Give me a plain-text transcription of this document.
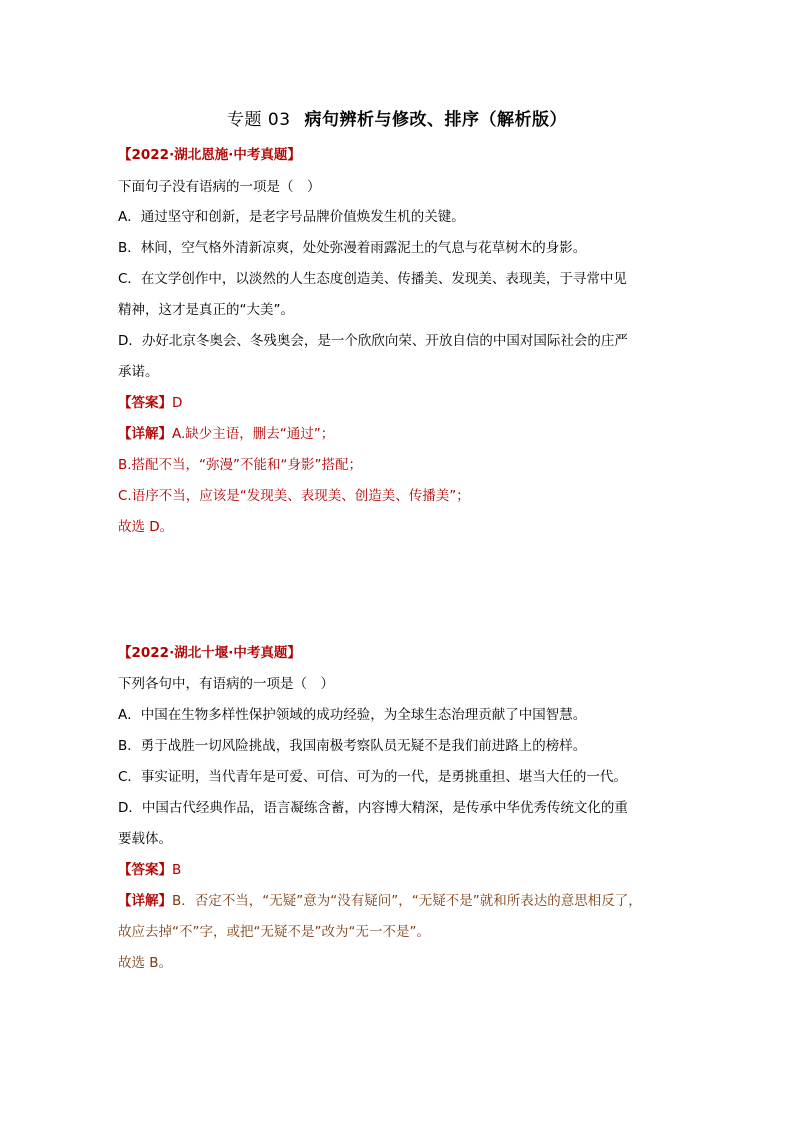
专题 03 病句辨析与修改、排序（解析版）
【2022·湖北恩施·中考真题】
下面句子没有语病的一项是（　）
A．通过坚守和创新，是老字号品牌价值焕发生机的关键。
B．林间，空气格外清新凉爽，处处弥漫着雨露泥土的气息与花草树木的身影。
C．在文学创作中，以淡然的人生态度创造美、传播美、发现美、表现美，于寻常中见
精神，这才是真正的“大美”。
D．办好北京冬奥会、冬残奥会，是一个欣欣向荣、开放自信的中国对国际社会的庄严
承诺。
【答案】D
【详解】A.缺少主语，删去“通过”；
B.搭配不当，“弥漫”不能和“身影”搭配；
C.语序不当，应该是“发现美、表现美、创造美、传播美”；
故选 D。
【2022·湖北十堰·中考真题】
下列各句中，有语病的一项是（　）
A．中国在生物多样性保护领域的成功经验，为全球生态治理贡献了中国智慧。
B．勇于战胜一切风险挑战，我国南极考察队员无疑不是我们前进路上的榜样。
C．事实证明，当代青年是可爱、可信、可为的一代，是勇挑重担、堪当大任的一代。
D．中国古代经典作品，语言凝练含蓄，内容博大精深，是传承中华优秀传统文化的重
要载体。
【答案】B
【详解】B．否定不当，“无疑”意为“没有疑问”，“无疑不是”就和所表达的意思相反了，
故应去掉“不”字，或把“无疑不是”改为“无一不是”。
故选 B。
